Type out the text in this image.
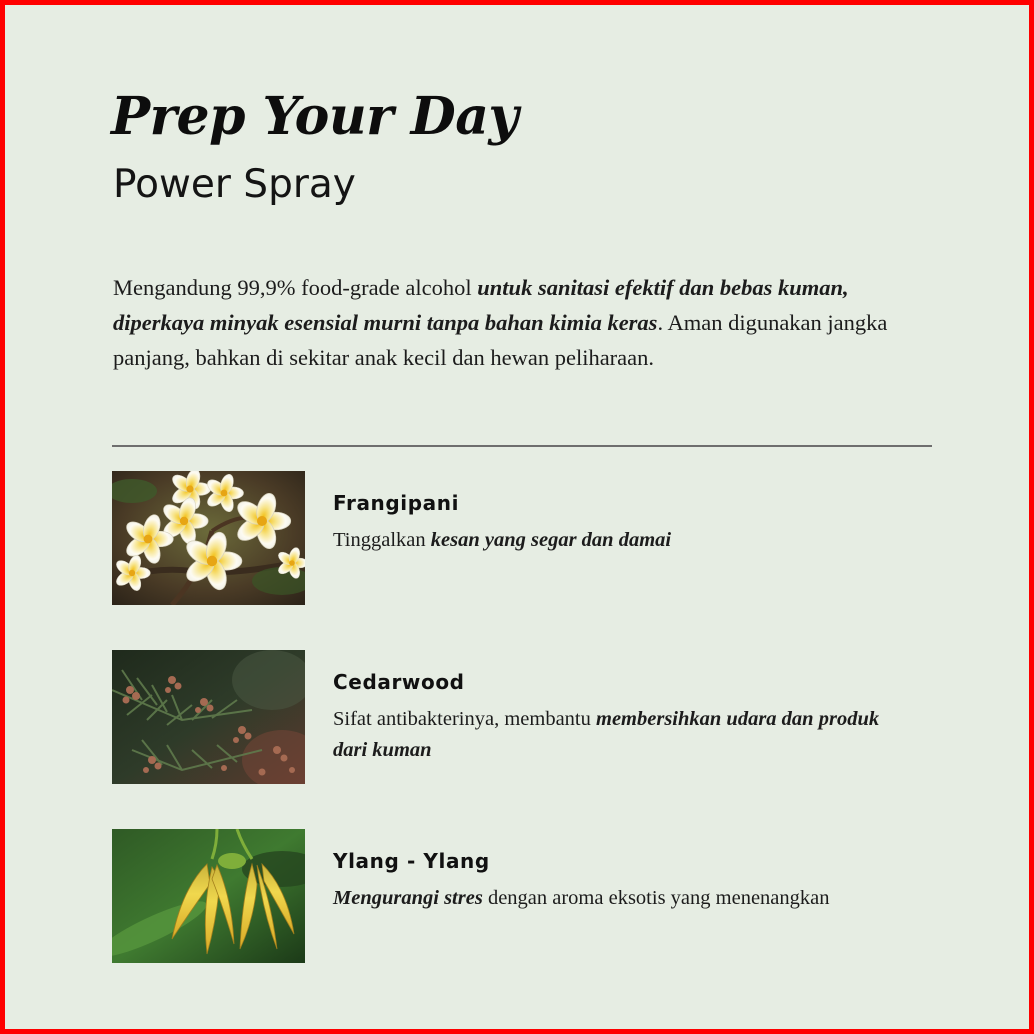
Prep Your Day
Power Spray

Mengandung 99,9% food-grade alcohol untuk sanitasi efektif dan bebas kuman, diperkaya minyak esensial murni tanpa bahan kimia keras. Aman digunakan jangka panjang, bahkan di sekitar anak kecil dan hewan peliharaan.

Frangipani

Tinggalkan kesan yang segar dan damai

Cedarwood

Sifat antibakterinya, membantu membersihkan udara dan produk dari kuman

Ylang - Ylang

Mengurangi stres dengan aroma eksotis yang menenangkan
